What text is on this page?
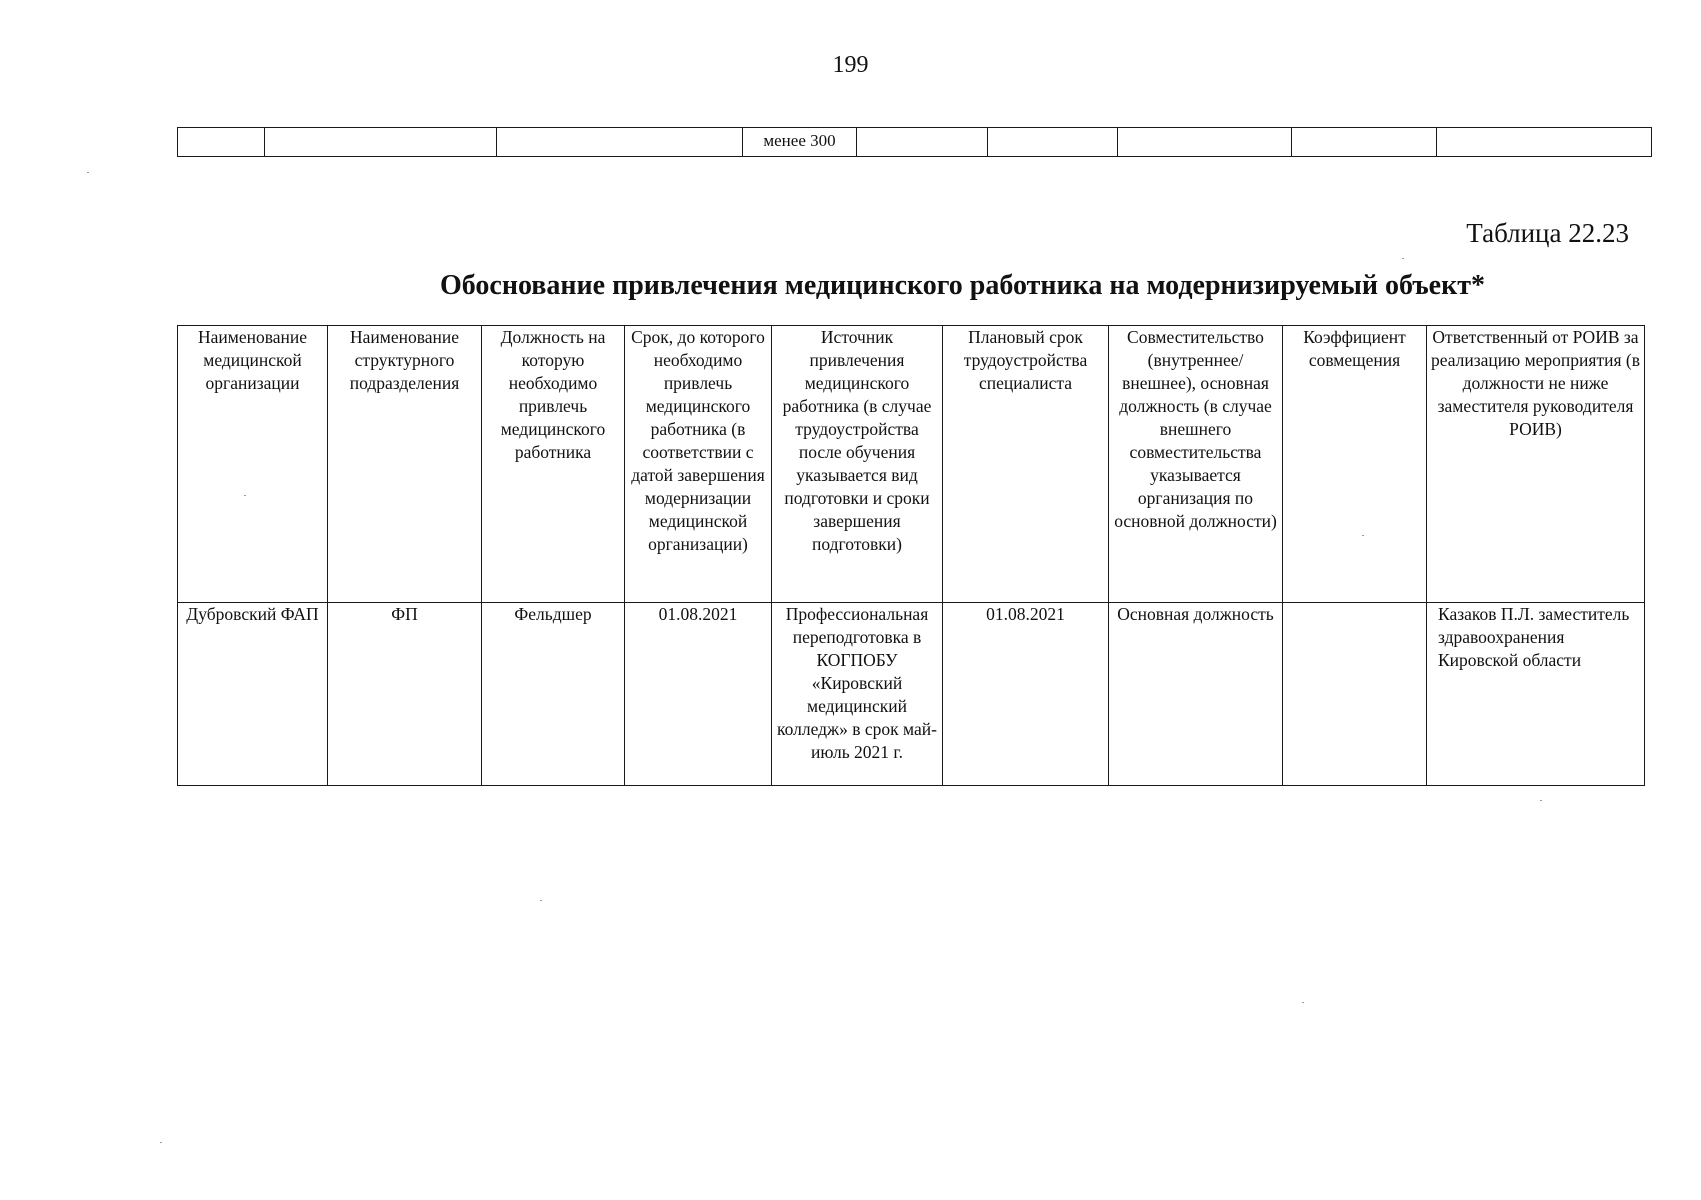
199
			менее 300					
Таблица 22.23
Обоснование привлечения медицинского работника на модернизируемый объект*
Наименование медицинской организации	Наименование структурного подразделения	Должность на которую необходимо привлечь медицинского работника	Срок, до которого необходимо привлечь медицинского работника (в соответствии с датой завершения модернизации медицинской организации)	Источник привлечения медицинского работника (в случае трудоустройства после обучения указывается вид подготовки и сроки завершения подготовки)	Плановый срок трудоустройства специалиста	Совместительство (внутреннее/внешнее), основная должность (в случае внешнего совместительства указывается организация по основной должности)	Коэффициент совмещения	Ответственный от РОИВ за реализацию мероприятия (в должности не ниже заместителя руководителя РОИВ)
Дубровский ФАП	ФП	Фельдшер	01.08.2021	Профессиональная переподготовка в КОГПОБУ «Кировский медицинский колледж» в срок май-июль 2021 г.	01.08.2021	Основная должность		Казаков П.Л. заместитель здравоохранения Кировской области
